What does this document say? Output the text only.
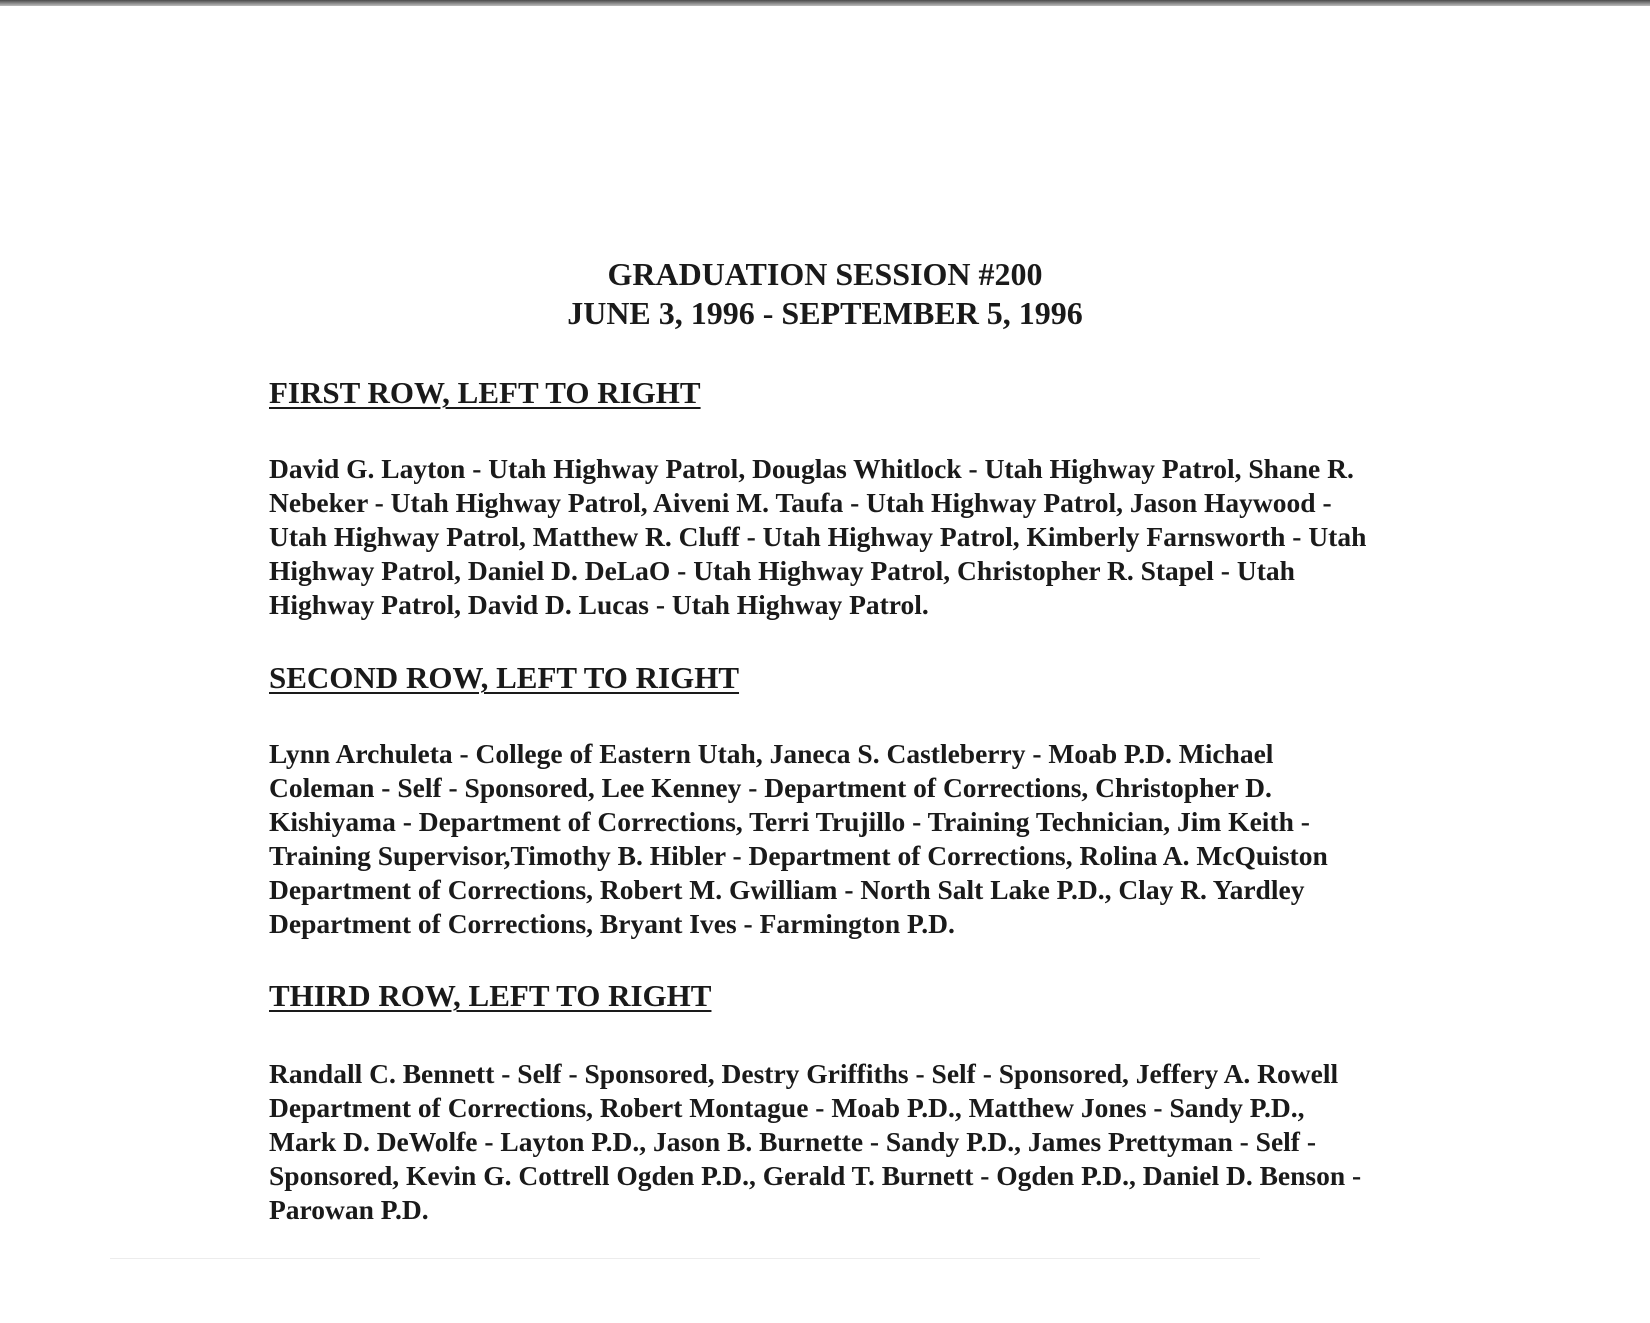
GRADUATION SESSION #200
JUNE 3, 1996 - SEPTEMBER 5, 1996
FIRST ROW, LEFT TO RIGHT

David G. Layton - Utah Highway Patrol, Douglas Whitlock - Utah Highway Patrol, Shane R. Nebeker - Utah Highway Patrol, Aiveni M. Taufa - Utah Highway Patrol, Jason Haywood - Utah Highway Patrol, Matthew R. Cluff - Utah Highway Patrol, Kimberly Farnsworth - Utah Highway Patrol, Daniel D. DeLaO - Utah Highway Patrol, Christopher R. Stapel - Utah Highway Patrol, David D. Lucas - Utah Highway Patrol.

SECOND ROW, LEFT TO RIGHT

Lynn Archuleta - College of Eastern Utah, Janeca S. Castleberry - Moab P.D. Michael Coleman - Self - Sponsored, Lee Kenney - Department of Corrections, Christopher D. Kishiyama - Department of Corrections, Terri Trujillo - Training Technician, Jim Keith - Training Supervisor,Timothy B. Hibler - Department of Corrections, Rolina A. McQuiston Department of Corrections, Robert M. Gwilliam - North Salt Lake P.D., Clay R. Yardley Department of Corrections, Bryant Ives - Farmington P.D.

THIRD ROW, LEFT TO RIGHT

Randall C. Bennett - Self - Sponsored, Destry Griffiths - Self - Sponsored, Jeffery A. Rowell Department of Corrections, Robert Montague - Moab P.D., Matthew Jones - Sandy P.D., Mark D. DeWolfe - Layton P.D., Jason B. Burnette - Sandy P.D., James Prettyman - Self - Sponsored, Kevin G. Cottrell Ogden P.D., Gerald T. Burnett - Ogden P.D., Daniel D. Benson - Parowan P.D.
